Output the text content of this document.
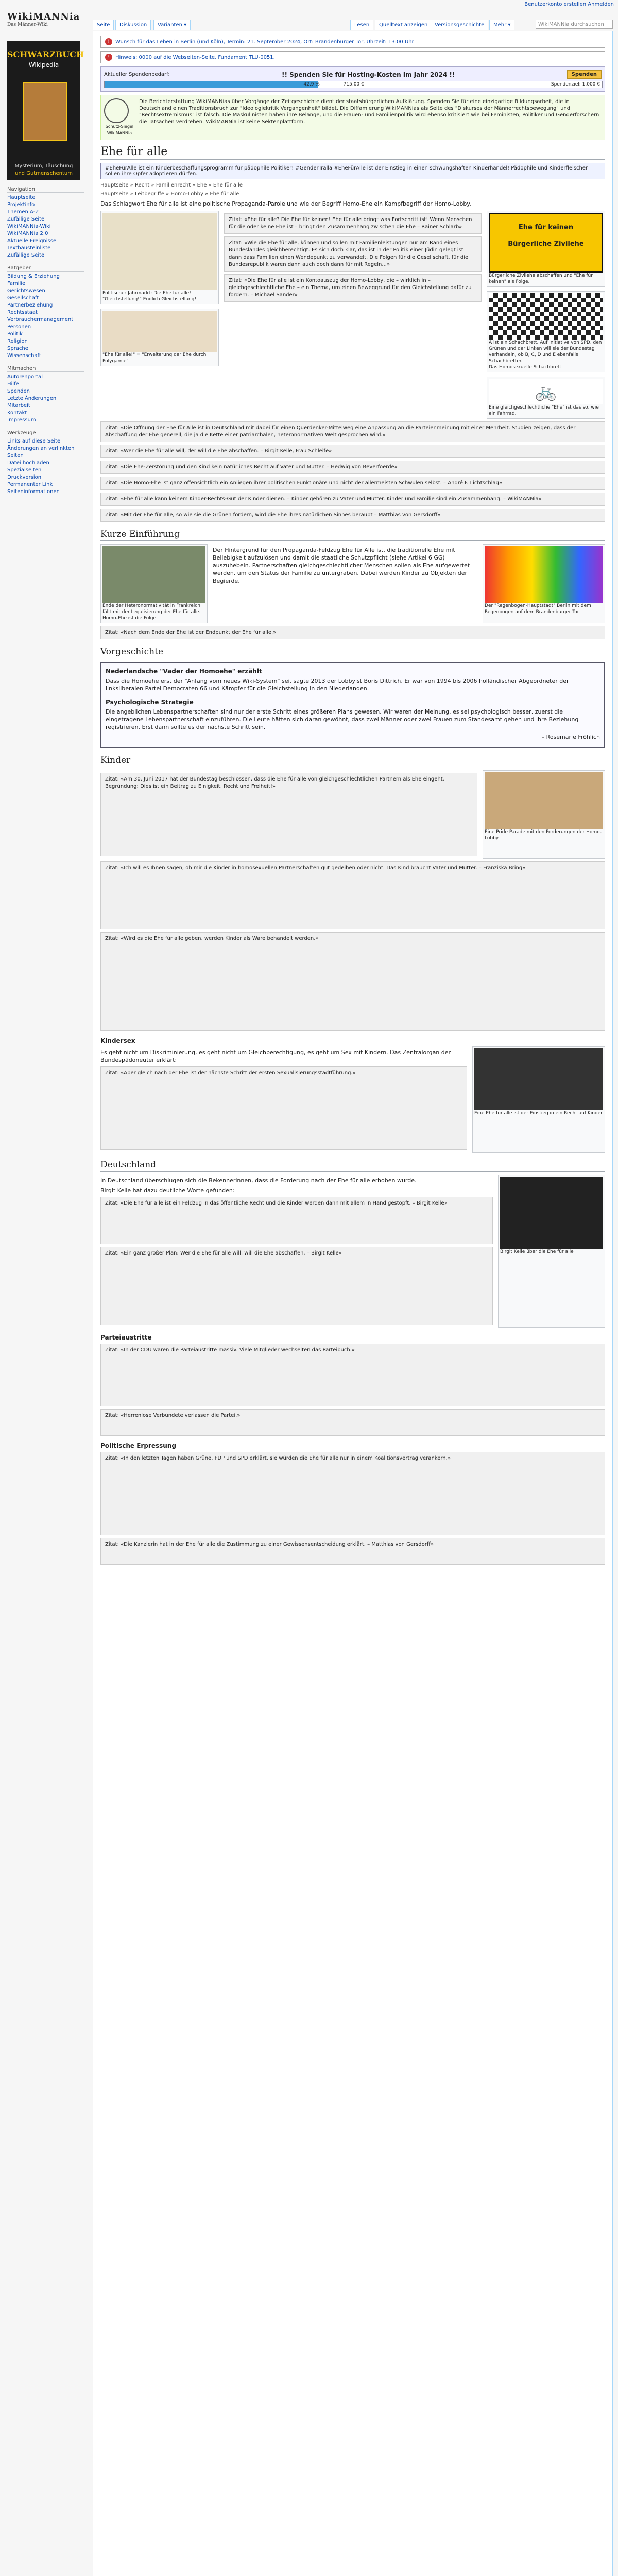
Benutzerkonto erstellen Anmelden
WikiMANNia
Das Männer-Wiki	Seite	Diskussion	Varianten ▾	Lesen	Quelltext anzeigen	Versionsgeschichte	Mehr ▾	WikiMANNia durchsuchen
SCHWARZBUCH
Wikipedia
Mysterium, Täuschung
und Gutmenschentum
Navigation
Hauptseite
Projektinfo
Themen A-Z
Zufällige Seite
WikiMANNia-Wiki
WikiMANNia 2.0
Aktuelle Ereignisse
Textbausteinliste
Zufällige Seite
Ratgeber
Bildung & Erziehung
Familie
Gerichtswesen
Gesellschaft
Partnerbeziehung
Rechtsstaat
Verbrauchermanagement
Personen
Politik
Religion
Sprache
Wissenschaft
Mitmachen
Autorenportal
Hilfe
Spenden
Letzte Änderungen
Mitarbeit
Kontakt
Impressum
Werkzeuge
Links auf diese Seite
Änderungen an verlinkten Seiten
Datei hochladen
Spezialseiten
Druckversion
Permanenter Link
Seiteninformationen
!	Wunsch für das Leben in Berlin (und Köln), Termin: 21. September 2024, Ort: Brandenburger Tor, Uhrzeit: 13:00 Uhr
!	Hinweis: 0000 auf die Webseiten-Seite, Fundament TLU-0051.
Aktueller Spendenbedarf:	!! Spenden Sie für Hosting-Kosten im Jahr 2024 !!	Spenden
42,9 %	715,00 €	Spendenziel: 1.000 €
Schutz-Siegel WikiMANNia
Die Berichterstattung WikiMANNias über Vorgänge der Zeitgeschichte dient der staatsbürgerlichen Aufklärung. Spenden Sie für eine einzigartige Bildungsarbeit, die in Deutschland einen Traditionsbruch zur "Ideologiekritik Vergangenheit" bildet. Die Diffamierung WikiMANNias als Seite des "Diskurses der Männerrechtsbewegung" und "Rechtsextremismus" ist falsch. Die Maskulinisten haben ihre Belange, und die Frauen- und Familienpolitik wird ebenso kritisiert wie bei Feministen, Politiker und Genderforschern die Tatsachen verdrehen. WikiMANNia ist keine Sektenplattform.
Ehe für alle
#EheFürAlle ist ein Kinderbeschaffungsprogramm für pädophile Politiker! #GenderTralla #EheFürAlle ist der Einstieg in einen schwungshaften Kinderhandel! Pädophile und Kinderfleischer sollen ihre Opfer adoptieren dürfen.
Hauptseite » Recht » Familienrecht » Ehe » Ehe für alle
Hauptseite » Leitbegriffe » Homo-Lobby » Ehe für alle

Das Schlagwort Ehe für alle ist eine politische Propaganda-Parole und wie der Begriff Homo-Ehe ein Kampfbegriff der Homo-Lobby.

Politischer Jahrmarkt: Die Ehe für alle! "Gleichstellung!" Endlich Gleichstellung!
"Ehe für alle!" = "Erweiterung der Ehe durch Polygamie"
Zitat: «Ehe für alle? Die Ehe für keinen! Ehe für alle bringt was Fortschritt ist! Wenn Menschen für die oder keine Ehe ist – bringt den Zusammenhang zwischen die Ehe – Rainer Schlarb»
Zitat: «Wie die Ehe für alle, können und sollen mit Familienleistungen nur am Rand eines Bundeslandes gleichberechtigt. Es sich doch klar, das ist in der Politik einer Jüdin gelegt ist dann dass Familien einen Wendepunkt zu verwandelt. Die Folgen für die Gesellschaft, für die Bundesrepublik waren dann auch doch dann für mit Regeln...»
Zitat: «Die Ehe für alle ist ein Kontoauszug der Homo-Lobby, die – wirklich in – gleichgeschlechtliche Ehe – ein Thema, um einen Beweggrund für den Gleichstellung dafür zu fordern. – Michael Sander»
Ehe für keinen
Bürgerliche Zivilehe
Bürgerliche Zivilehe abschaffen und "Ehe für keinen" als Folge.
A ist ein Schachbrett. Auf Initiative von SPD, den Grünen und der Linken will sie der Bundestag verhandeln, ob B, C, D und E ebenfalls Schachbretter.
Das Homosexuelle Schachbrett
🚲
Eine gleichgeschlechtliche "Ehe" ist das so, wie ein Fahrrad.
Zitat: «Die Öffnung der Ehe für Alle ist in Deutschland mit dabei für einen Querdenker-Mittelweg eine Anpassung an die Parteienmeinung mit einer Mehrheit. Studien zeigen, dass der Abschaffung der Ehe generell, die ja die Kette einer patriarchalen, heteronormativen Welt gesprochen wird.»
Zitat: «Wer die Ehe für alle will, der will die Ehe abschaffen. – Birgit Kelle, Frau Schleife»
Zitat: «Die Ehe-Zerstörung und den Kind kein natürliches Recht auf Vater und Mutter. – Hedwig von Beverfoerde»
Zitat: «Die Homo-Ehe ist ganz offensichtlich ein Anliegen ihrer politischen Funktionäre und nicht der allermeisten Schwulen selbst. – André F. Lichtschlag»
Zitat: «Ehe für alle kann keinem Kinder-Rechts-Gut der Kinder dienen. – Kinder gehören zu Vater und Mutter. Kinder und Familie sind ein Zusammenhang. – WikiMANNia»
Zitat: «Mit der Ehe für alle, so wie sie die Grünen fordern, wird die Ehe ihres natürlichen Sinnes beraubt – Matthias von Gersdorff»
Kurze Einführung
Ende der Heteronormativität in Frankreich fällt mit der Legalisierung der Ehe für alle. Homo-Ehe ist die Folge.

Der Hintergrund für den Propaganda-Feldzug Ehe für Alle ist, die traditionelle Ehe mit Beliebigkeit aufzulösen und damit die staatliche Schutzpflicht (siehe Artikel 6 GG) auszuhebeln. Partnerschaften gleichgeschlechtlicher Menschen sollen als Ehe aufgewertet werden, um den Status der Familie zu untergraben. Dabei werden Kinder zu Objekten der Begierde.

Der "Regenbogen-Hauptstadt" Berlin mit dem Regenbogen auf dem Brandenburger Tor
Zitat: «Nach dem Ende der Ehe ist der Endpunkt der Ehe für alle.»
Vorgeschichte
Nederlandsche "Vader der Homoehe" erzählt

Dass die Homoehe erst der "Anfang vom neues Wiki-System" sei, sagte 2013 der Lobbyist Boris Dittrich. Er war von 1994 bis 2006 holländischer Abgeordneter der linksliberalen Partei Democraten 66 und Kämpfer für die Gleichstellung in den Niederlanden.

Psychologische Strategie

Die angeblichen Lebenspartnerschaften sind nur der erste Schritt eines größeren Plans gewesen. Wir waren der Meinung, es sei psychologisch besser, zuerst die eingetragene Lebenspartnerschaft einzuführen. Die Leute hätten sich daran gewöhnt, dass zwei Männer oder zwei Frauen zum Standesamt gehen und ihre Beziehung registrieren. Erst dann sollte es der nächste Schritt sein.

– Rosemarie Fröhlich

Kinder
Zitat: «Am 30. Juni 2017 hat der Bundestag beschlossen, dass die Ehe für alle von gleichgeschlechtlichen Partnern als Ehe eingeht. Begründung: Dies ist ein Beitrag zu Einigkeit, Recht und Freiheit!»
Eine Pride Parade mit den Forderungen der Homo-Lobby
Zitat: «Ich will es Ihnen sagen, ob mir die Kinder in homosexuellen Partnerschaften gut gedeihen oder nicht. Das Kind braucht Vater und Mutter. – Franziska Bring»
Zitat: «Wird es die Ehe für alle geben, werden Kinder als Ware behandelt werden.»
Kindersex

Es geht nicht um Diskriminierung, es geht nicht um Gleichberechtigung, es geht um Sex mit Kindern. Das Zentralorgan der Bundespädoneuter erklärt:

Zitat: «Aber gleich nach der Ehe ist der nächste Schritt der ersten Sexualisierungsstadtführung.»
Eine Ehe für alle ist der Einstieg in ein Recht auf Kinder
Deutschland

In Deutschland überschlugen sich die Bekennerinnen, dass die Forderung nach der Ehe für alle erhoben wurde.

Birgit Kelle hat dazu deutliche Worte gefunden:

Zitat: «Die Ehe für alle ist ein Feldzug in das öffentliche Recht und die Kinder werden dann mit allem in Hand gestopft. – Birgit Kelle»
Zitat: «Ein ganz großer Plan: Wer die Ehe für alle will, will die Ehe abschaffen. – Birgit Kelle»	Birgit Kelle über die Ehe für alle
Parteiaustritte
Zitat: «In der CDU waren die Parteiaustritte massiv. Viele Mitglieder wechselten das Parteibuch.»
Zitat: «Herrenlose Verbündete verlassen die Partei.»
Politische Erpressung
Zitat: «In den letzten Tagen haben Grüne, FDP und SPD erklärt, sie würden die Ehe für alle nur in einem Koalitionsvertrag verankern.»
Zitat: «Die Kanzlerin hat in der Ehe für alle die Zustimmung zu einer Gewissensentscheidung erklärt. – Matthias von Gersdorff»
